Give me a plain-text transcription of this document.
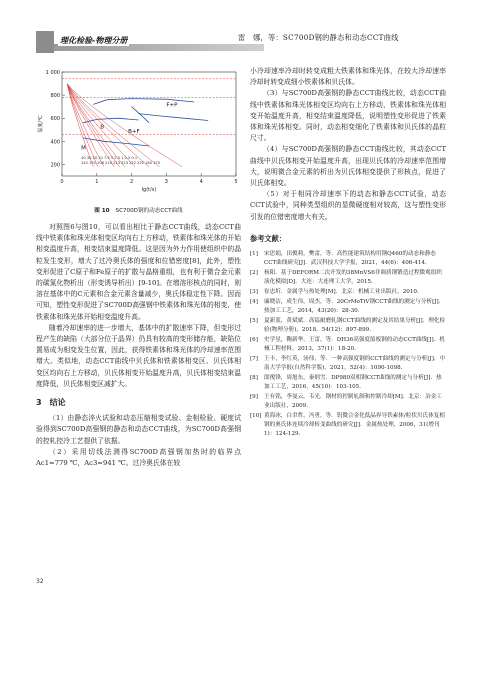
理化检验-物理分册	雷　娜，等：SC700D钢的静态和动态CCT曲线
1 000
800
600
400
200
0	1	2	3	4	5
lg(t/s)
温度/℃
F+P
B
B+F
M
40 30 20 10 7.5 5 2.5 1 0.5 0.1
242 191 208 210 213 223 222 232 180 170
图 10 SC700D钢的动态CCT曲线

对照图6与图10，可以看出相比于静态CCT曲线，动态CCT曲线中铁素体和珠光体相变区均向右上方移动，铁素体和珠光体的开始相变温度升高，相变结束温度降低。这是因为外力作用使组织中的晶粒发生变形，增大了过冷奥氏体的强度和位错密度[8]，此外，塑性变形促进了C原子和Fe原子的扩散与晶格重组，也有利于微合金元素的碳氮化物析出（形变诱导析出）[9-10]。在增溶形核点的同时，则溶在基体中的C元素和合金元素含量减少，奥氏体稳定性下降。因而可知，塑性变形促进了SC700D高强钢中铁素体和珠光体的相变，使铁素体和珠光体开始相变温度升高。

随着冷却速率的进一步增大，基体中的扩散速率下降，但变形过程产生的缺陷（大部分位于晶界）仍具有较高的变形储存能，缺陷位置易成为相变发生位置，因此，获得铁素体和珠光体的冷却速率范围增大。类似地，动态CCT曲线中贝氏体和铁素体相变区、贝氏体相变区均向右上方移动，贝氏体相变开始温度升高，贝氏体相变结束温度降低，贝氏体相变区减扩大。

3　结论

（1）由静态淬火试验和动态压缩相变试验、金相检验、硬度试验得到SC700D高强钢的静态和动态CCT曲线，为SC700D高强钢的控轧控冷工艺提供了依据。

（2）采用切线法测得SC700D高强钢加热时的临界点Ac1=779 ℃，Ac3=941 ℃。过冷奥氏体在较

小冷却速率冷却时转变成粗大铁素体和珠光体，在较大冷却速率冷却时转变成细小铁素体和贝氏体。

（3）与SC700D高强钢的静态CCT曲线比较，动态CCT曲线中铁素体和珠光体相变区均向右上方移动，铁素体和珠光体相变开始温度升高，相变结束温度降低，说明塑性变形促进了铁素体和珠光体相变。同时，动态相变细化了铁素体和贝氏体的晶粒尺寸。

（4）与SC700D高强钢的静态CCT曲线比较，其动态CCT曲线中贝氏体相变开始温度升高，出现贝氏体的冷却速率范围增大，说明微合金元素的析出为贝氏体相变提供了形核点，促进了贝氏体相变。

（5）对于相同冷却速率下的动态和静态CCT试验，动态CCT试验中，同种类型组织的显微硬度相对较高，这与塑性变形引发的位错密度增大有关。

参考文献：
[1]	宋思娟，田俊莉，樊雷，等．高性能建筑结构用钢Q460的动态和静态CCT曲线研究[J]．武汉科技大学学报，2021，44(6)：406-414.
[2]	杨阳．基于DEFORM二次开发的38MnVS6非调质钢锻造过程微观组织演化模拟[D]．大连：大连理工大学，2015.
[3]	崔忠圻．金属学与热处理[M]．北京：机械工业出版社，2010.
[4]	廉晓洁，成生伟，周杰，等．20CrMoTiV钢CCT曲线的测定与分析[J]．热加工工艺，2014，43(20)：28-30.
[5]	夏新蓝，黄斌斌．高锰耐磨轧钢CCT曲线的测定及其结果分析[J]．理化检验(物理分册)，2018，54(12)：897-899.
[6]	史学星，鞠新华，王雷，等．DH36高强度船板钢的动态CCT曲线[J]．机械工程材料，2013，37(1)：18-20.
[7]	王丰，李红英，汤伟，等．一种高强度钢的CCT曲线的测定与分析[J]．中南大学学报(自然科学版)，2021，52(4)：1090-1098.
[8]	郎俊锋，周旭东，秦炳雪．DP980双相钢CCT曲线的测定与分析[J]．热加工工艺，2016，45(10)：103-105.
[9]	王有铭，李曼云，韦光．钢材的控制轧制和控制冷却[M]．北京：冶金工业出版社，2009.
[10] 黄海冰，白聿哲，冯勇，等．钒微合金化低晶界导铁素体/粒状贝氏体复相钢的奥氏体连续冷却转变曲线的研究[J]．金属热处理，2006，31(增刊1)：124-129.
32
